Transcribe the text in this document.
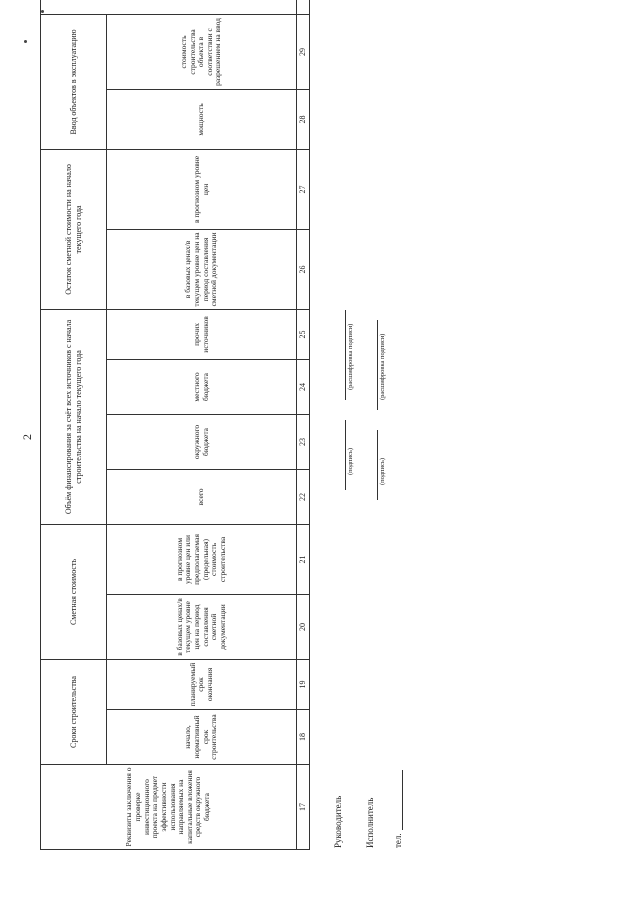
2
Реквизиты заключения о проверке инвестиционного проекта на предмет эффективности использования направляемых на капитальные вложения средств окружного бюджета	Сроки строительства		Сметная стоимость		Объём финансирования за счёт всех источников с начала строительства на начало текущего года				Остаток сметной стоимости на начало текущего года		Ввод объектов в эксплуатацию	
	начало, нормативный срок строительства	планируемый срок окончания	в базовых ценах/в текущем уровне цен на период составления сметной документации	в прогнозном уровне цен или предполагаемая (предельная) стоимость строительства	всего	окружного бюджета	местного бюджета	прочих источников	в базовых ценах/в текущем уровне цен на период составления сметной документации	в прогнозном уровне цен	мощность	стоимость строительства объекта в соответствии с разрешением на ввод	
17	18	19	20	21	22	23	24	25	26	27	28	29	
Руководитель
(подпись)
(расшифровка подписи)
Исполнитель
(подпись)
(расшифровка подписи)
тел.
